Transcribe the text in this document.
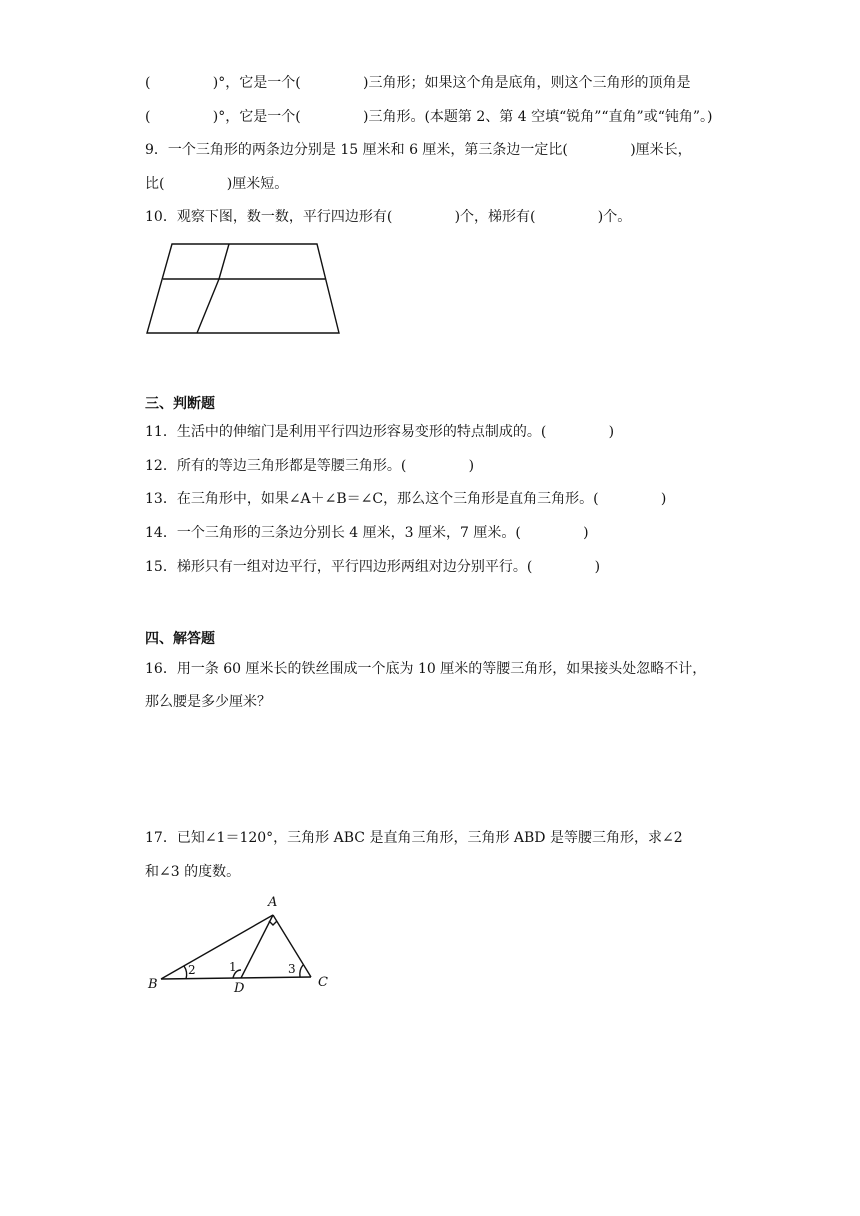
(              )°，它是一个(              )三角形；如果这个角是底角，则这个三角形的顶角是
(              )°，它是一个(              )三角形。(本题第 2、第 4 空填“锐角”“直角”或“钝角”。)
9．一个三角形的两条边分别是 15 厘米和 6 厘米，第三条边一定比(              )厘米长，
比(              )厘米短。
10．观察下图，数一数，平行四边形有(              )个，梯形有(              )个。
三、判断题
11．生活中的伸缩门是利用平行四边形容易变形的特点制成的。(              )
12．所有的等边三角形都是等腰三角形。(              )
13．在三角形中，如果∠A＋∠B＝∠C，那么这个三角形是直角三角形。(              )
14．一个三角形的三条边分别长 4 厘米，3 厘米，7 厘米。(              )
15．梯形只有一组对边平行，平行四边形两组对边分别平行。(              )
四、解答题
16．用一条 60 厘米长的铁丝围成一个底为 10 厘米的等腰三角形，如果接头处忽略不计，
那么腰是多少厘米？
17．已知∠1＝120°，三角形 ABC 是直角三角形，三角形 ABD 是等腰三角形，求∠2
和∠3 的度数。
A
B	C
D
2	1	3
